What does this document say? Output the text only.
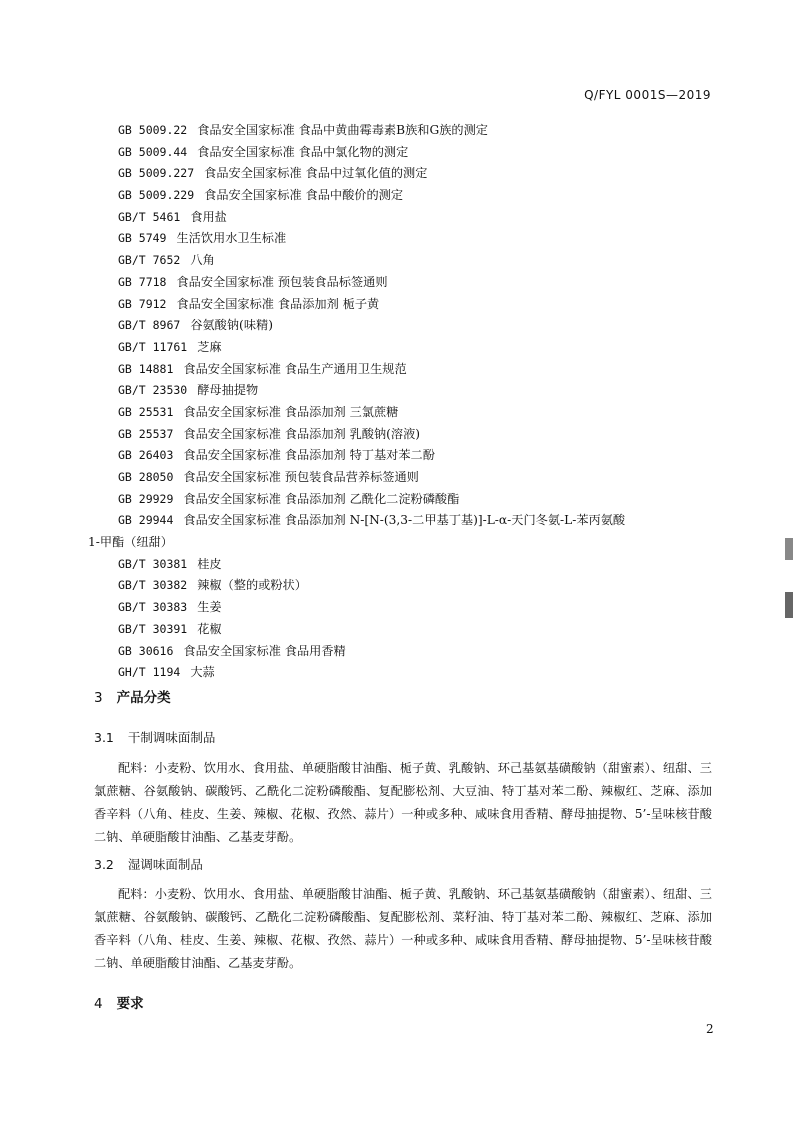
Q/FYL 0001S—2019
GB 5009.22 食品安全国家标准 食品中黄曲霉毒素B族和G族的测定
GB 5009.44 食品安全国家标准 食品中氯化物的测定
GB 5009.227 食品安全国家标准 食品中过氧化值的测定
GB 5009.229 食品安全国家标准 食品中酸价的测定
GB/T 5461 食用盐
GB 5749 生活饮用水卫生标准
GB/T 7652 八角
GB 7718 食品安全国家标准 预包装食品标签通则
GB 7912 食品安全国家标准 食品添加剂 栀子黄
GB/T 8967 谷氨酸钠(味精)
GB/T 11761 芝麻
GB 14881 食品安全国家标准 食品生产通用卫生规范
GB/T 23530 酵母抽提物
GB 25531 食品安全国家标准 食品添加剂 三氯蔗糖
GB 25537 食品安全国家标准 食品添加剂 乳酸钠(溶液)
GB 26403 食品安全国家标准 食品添加剂 特丁基对苯二酚
GB 28050 食品安全国家标准 预包装食品营养标签通则
GB 29929 食品安全国家标准 食品添加剂 乙酰化二淀粉磷酸酯
GB 29944 食品安全国家标准 食品添加剂 N-[N-(3,3-二甲基丁基)]-L-α-天门冬氨-L-苯丙氨酸
1-甲酯（纽甜）
GB/T 30381 桂皮
GB/T 30382 辣椒（整的或粉状）
GB/T 30383 生姜
GB/T 30391 花椒
GB 30616 食品安全国家标准 食品用香精
GH/T 1194 大蒜
3 产品分类
3.1 干制调味面制品
配料：小麦粉、饮用水、食用盐、单硬脂酸甘油酯、栀子黄、乳酸钠、环己基氨基磺酸钠（甜蜜素）、纽甜、三氯蔗糖、谷氨酸钠、碳酸钙、乙酰化二淀粉磷酸酯、复配膨松剂、大豆油、特丁基对苯二酚、辣椒红、芝麻、添加香辛料（八角、桂皮、生姜、辣椒、花椒、孜然、蒜片）一种或多种、咸味食用香精、酵母抽提物、5’-呈味核苷酸二钠、单硬脂酸甘油酯、乙基麦芽酚。
3.2 湿调味面制品
配料：小麦粉、饮用水、食用盐、单硬脂酸甘油酯、栀子黄、乳酸钠、环己基氨基磺酸钠（甜蜜素）、纽甜、三氯蔗糖、谷氨酸钠、碳酸钙、乙酰化二淀粉磷酸酯、复配膨松剂、菜籽油、特丁基对苯二酚、辣椒红、芝麻、添加香辛料（八角、桂皮、生姜、辣椒、花椒、孜然、蒜片）一种或多种、咸味食用香精、酵母抽提物、5’-呈味核苷酸二钠、单硬脂酸甘油酯、乙基麦芽酚。
4 要求
2
